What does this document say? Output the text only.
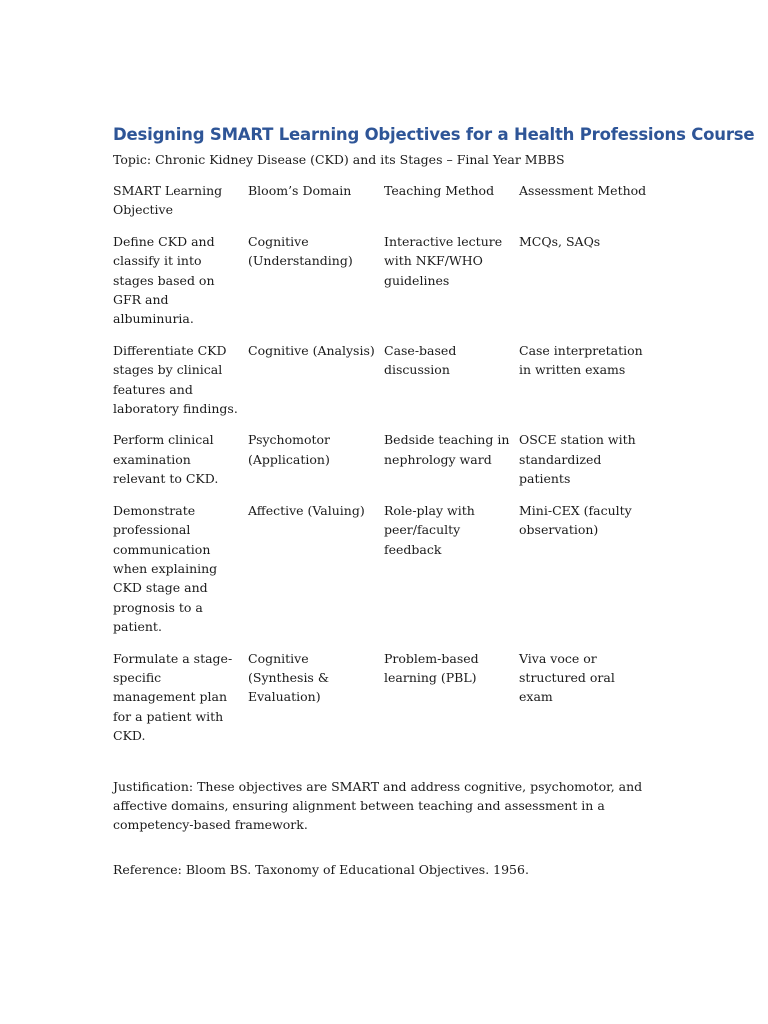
Designing SMART Learning Objectives for a Health Professions Course

Topic: Chronic Kidney Disease (CKD) and its Stages – Final Year MBBS

SMART Learning Objective	Bloom’s Domain	Teaching Method	Assessment Method

Define CKD and classify it into stages based on GFR and albuminuria.	Cognitive (Understanding)	Interactive lecture with NKF/WHO guidelines	MCQs, SAQs

Differentiate CKD stages by clinical features and laboratory findings.	Cognitive (Analysis)	Case-based discussion	Case interpretation in written exams

Perform clinical examination relevant to CKD.	Psychomotor (Application)	Bedside teaching in nephrology ward	OSCE station with standardized patients

Demonstrate professional communication when explaining CKD stage and prognosis to a patient.	Affective (Valuing)	Role-play with peer/faculty feedback	Mini-CEX (faculty observation)

Formulate a stage-specific management plan for a patient with CKD.	Cognitive (Synthesis & Evaluation)	Problem-based learning (PBL)	Viva voce or structured oral exam

Justification: These objectives are SMART and address cognitive, psychomotor, and affective domains, ensuring alignment between teaching and assessment in a competency-based framework.

Reference: Bloom BS. Taxonomy of Educational Objectives. 1956.
